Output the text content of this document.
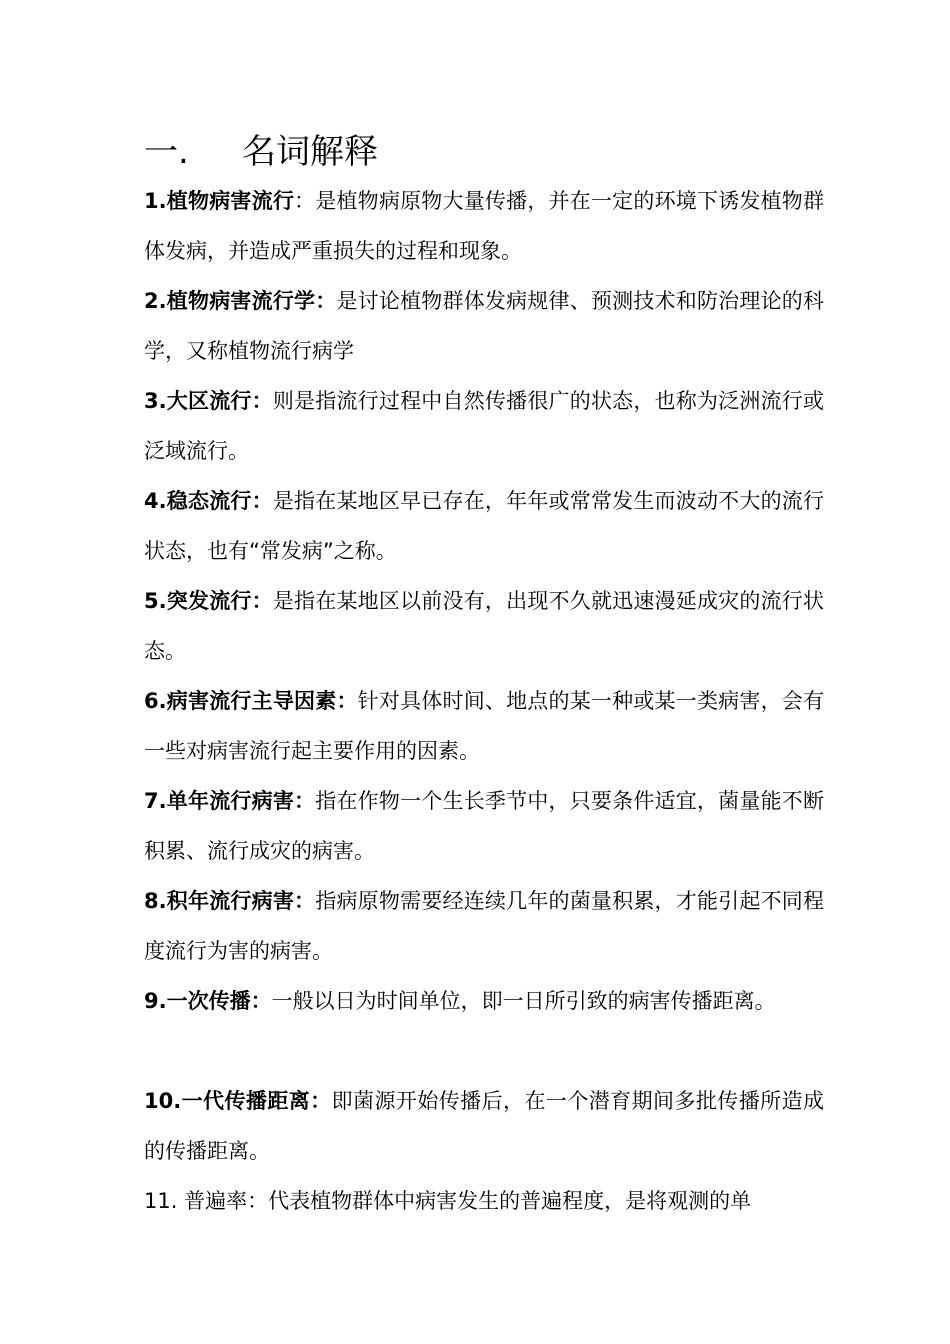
一. 名词解释

1.植物病害流行：是植物病原物大量传播，并在一定的环境下诱发植物群体发病，并造成严重损失的过程和现象。

2.植物病害流行学：是讨论植物群体发病规律、预测技术和防治理论的科学，又称植物流行病学

3.大区流行：则是指流行过程中自然传播很广的状态，也称为泛洲流行或泛域流行。

4.稳态流行：是指在某地区早已存在，年年或常常发生而波动不大的流行状态，也有“常发病”之称。

5.突发流行：是指在某地区以前没有，出现不久就迅速漫延成灾的流行状态。

6.病害流行主导因素：针对具体时间、地点的某一种或某一类病害，会有一些对病害流行起主要作用的因素。

7.单年流行病害：指在作物一个生长季节中，只要条件适宜，菌量能不断积累、流行成灾的病害。

8.积年流行病害：指病原物需要经连续几年的菌量积累，才能引起不同程度流行为害的病害。

9.一次传播：一般以日为时间单位，即一日所引致的病害传播距离。

10.一代传播距离：即菌源开始传播后，在一个潜育期间多批传播所造成的传播距离。

11. 普遍率：代表植物群体中病害发生的普遍程度，是将观测的单
